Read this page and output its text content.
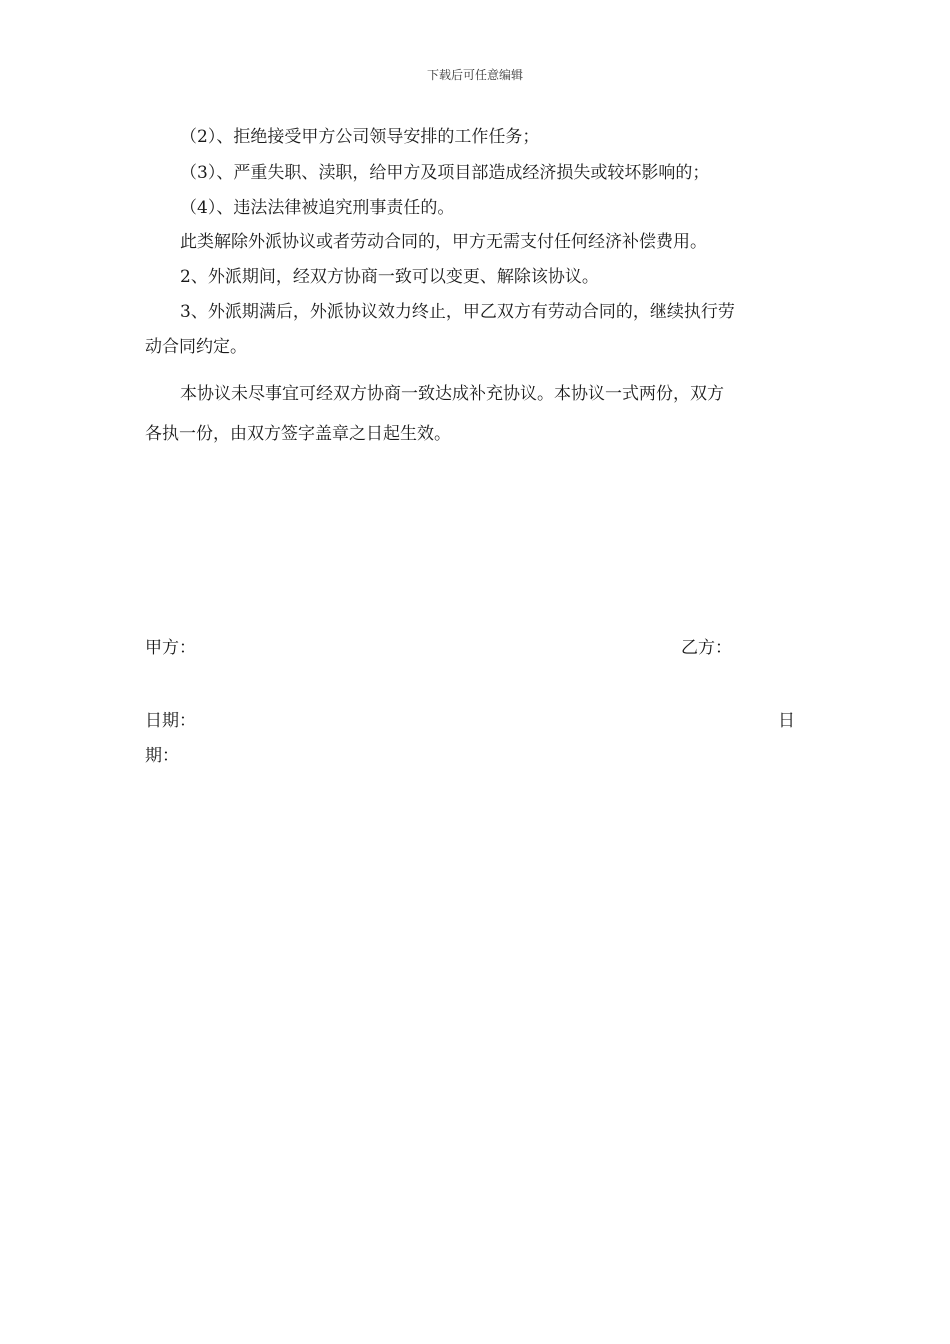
下载后可任意编辑
（2）、拒绝接受甲方公司领导安排的工作任务；
（3）、严重失职、渎职，给甲方及项目部造成经济损失或较坏影响的；
（4）、违法法律被追究刑事责任的。
此类解除外派协议或者劳动合同的，甲方无需支付任何经济补偿费用。
2、外派期间，经双方协商一致可以变更、解除该协议。
3、外派期满后，外派协议效力终止，甲乙双方有劳动合同的，继续执行劳
动合同约定。
本协议未尽事宜可经双方协商一致达成补充协议。本协议一式两份，双方
各执一份，由双方签字盖章之日起生效。
甲方：	乙方：
日期：	日
期：
